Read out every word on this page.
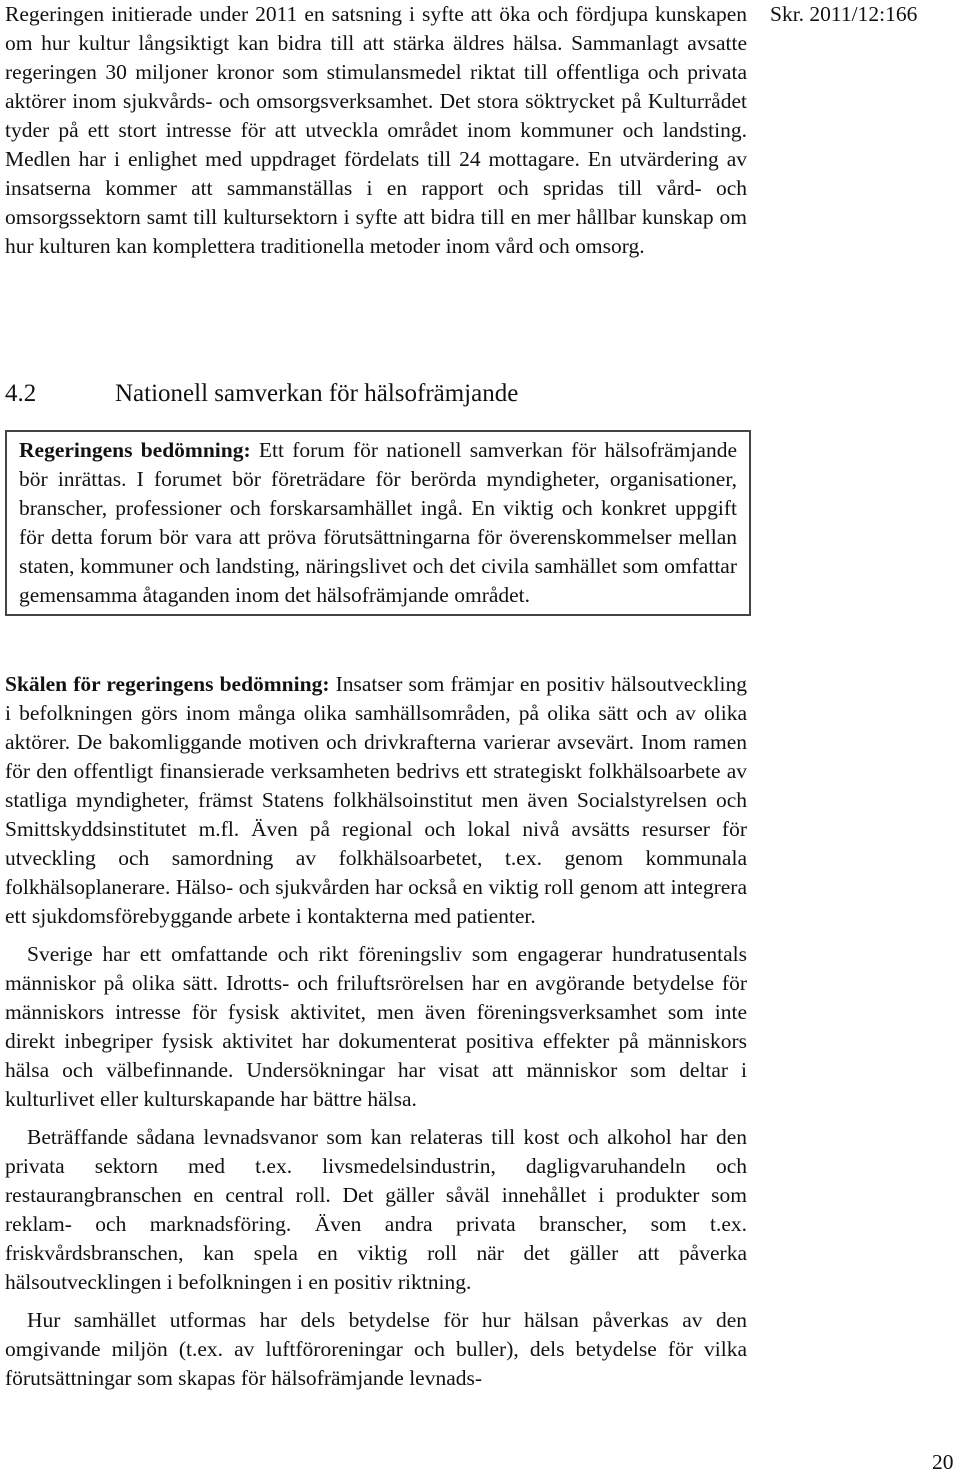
Skr. 2011/12:166

Regeringen initierade under 2011 en satsning i syfte att öka och fördjupa kunskapen om hur kultur långsiktigt kan bidra till att stärka äldres hälsa. Sammanlagt avsatte regeringen 30 miljoner kronor som stimulansmedel riktat till offentliga och privata aktörer inom sjukvårds- och omsorgsverksamhet. Det stora söktrycket på Kulturrådet tyder på ett stort intresse för att utveckla området inom kommuner och landsting. Medlen har i enlighet med uppdraget fördelats till 24 mottagare. En utvärdering av insatserna kommer att sammanställas i en rapport och spridas till vård- och omsorgssektorn samt till kultursektorn i syfte att bidra till en mer hållbar kunskap om hur kulturen kan komplettera traditionella metoder inom vård och omsorg.

4.2	Nationell samverkan för hälsofrämjande

Regeringens bedömning: Ett forum för nationell samverkan för hälsofrämjande bör inrättas. I forumet bör företrädare för berörda myndigheter, organisationer, branscher, professioner och forskarsamhället ingå. En viktig och konkret uppgift för detta forum bör vara att pröva förutsättningarna för överenskommelser mellan staten, kommuner och landsting, näringslivet och det civila samhället som omfattar gemensamma åtaganden inom det hälsofrämjande området.

Skälen för regeringens bedömning: Insatser som främjar en positiv hälsoutveckling i befolkningen görs inom många olika samhällsområden, på olika sätt och av olika aktörer. De bakomliggande motiven och drivkrafterna varierar avsevärt. Inom ramen för den offentligt finansierade verksamheten bedrivs ett strategiskt folkhälsoarbete av statliga myndigheter, främst Statens folkhälsoinstitut men även Socialstyrelsen och Smittskyddsinstitutet m.fl. Även på regional och lokal nivå avsätts resurser för utveckling och samordning av folkhälsoarbetet, t.ex. genom kommunala folkhälsoplanerare. Hälso- och sjukvården har också en viktig roll genom att integrera ett sjukdomsförebyggande arbete i kontakterna med patienter.

Sverige har ett omfattande och rikt föreningsliv som engagerar hundratusentals människor på olika sätt. Idrotts- och friluftsrörelsen har en avgörande betydelse för människors intresse för fysisk aktivitet, men även föreningsverksamhet som inte direkt inbegriper fysisk aktivitet har dokumenterat positiva effekter på människors hälsa och välbefinnande. Undersökningar har visat att människor som deltar i kulturlivet eller kulturskapande har bättre hälsa.

Beträffande sådana levnadsvanor som kan relateras till kost och alkohol har den privata sektorn med t.ex. livsmedelsindustrin, dagligvaruhandeln och restaurangbranschen en central roll. Det gäller såväl innehållet i produkter som reklam- och marknadsföring. Även andra privata branscher, som t.ex. friskvårdsbranschen, kan spela en viktig roll när det gäller att påverka hälsoutvecklingen i befolkningen i en positiv riktning.

Hur samhället utformas har dels betydelse för hur hälsan påverkas av den omgivande miljön (t.ex. av luftföroreningar och buller), dels betydelse för vilka förutsättningar som skapas för hälsofrämjande levnads-

20
